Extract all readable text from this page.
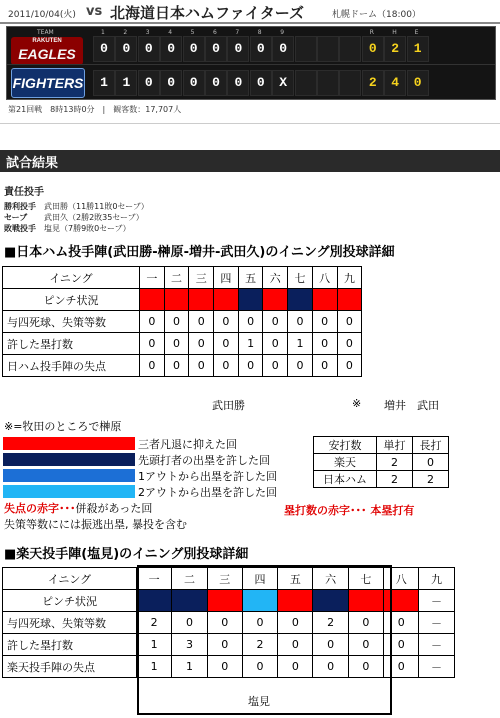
2011/10/04(火) vs 北海道日本ハムファイターズ	札幌ドーム（18:00）
TEAM	1	2	3	4	5	6	7	8	9	R	H	E
RAKUTEN
EAGLES	0	0	0	0	0	0	0	0	0	0	2	1
FIGHTERS	1	1	0	0	0	0	0	0	X	2	4	0
第21回戦　8時13時0分　|　観客数：17,707人
試合結果
責任投手
勝利投手 武田勝（11勝11敗0セーブ）
セーブ 武田久（2勝2敗35セーブ）
敗戦投手 塩見（7勝9敗0セーブ）
■日本ハム投手陣(武田勝-榊原-増井-武田久)のイニング別投球詳細
イニング	一	二	三	四	五	六	七	八	九
ピンチ状況									
与四死球、失策等数	0	0	0	0	0	0	0	0	0
許した塁打数	0	0	0	0	1	0	1	0	0
日ハム投手陣の失点	0	0	0	0	0	0	0	0	0
武田勝	※ 増井　武田
※=牧田のところで榊原
三者凡退に抑えた回
先頭打者の出塁を許した回
1アウトから出塁を許した回
2アウトから出塁を許した回
失点の赤字･･･併殺があった回
失策等数にには振逃出塁, 暴投を含む
塁打数の赤字･･･ 本塁打有
安打数	単打	長打
楽天	2	0
日本ハム	2	2
■楽天投手陣(塩見)のイニング別投球詳細
イニング	一	二	三	四	五	六	七	八	九
ピンチ状況									－
与四死球、失策等数	2	0	0	0	0	2	0	0	－
許した塁打数	1	3	0	2	0	0	0	0	－
楽天投手陣の失点	1	1	0	0	0	0	0	0	－
塩見
